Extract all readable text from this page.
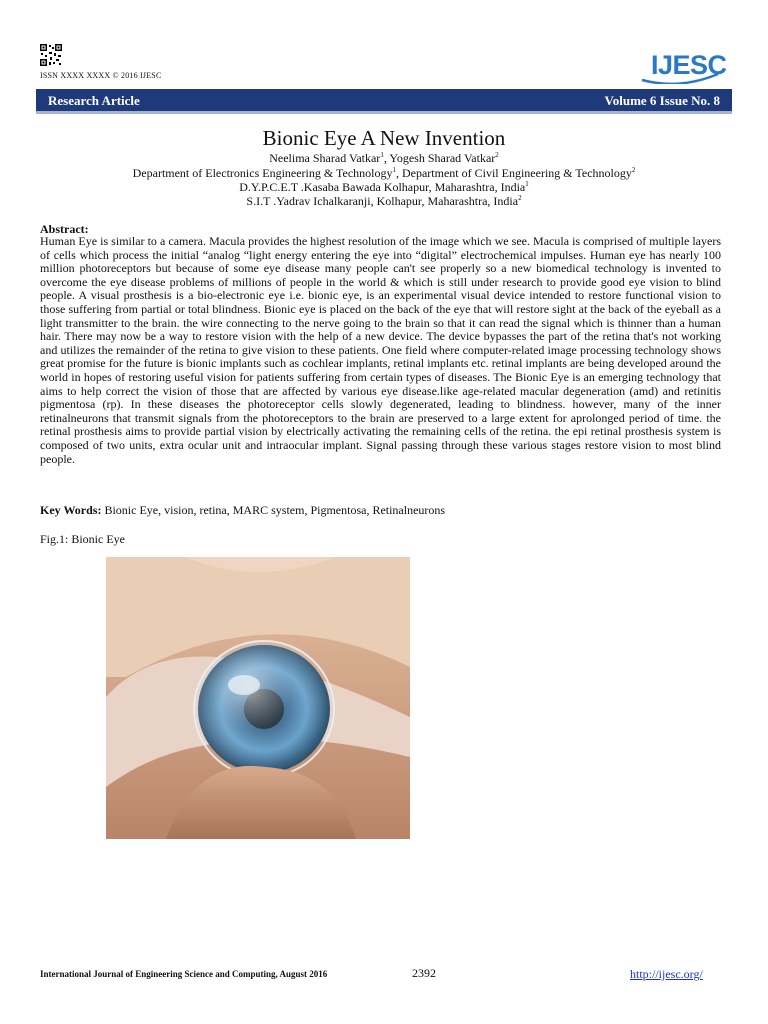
ISSN XXXX XXXX © 2016 IJESC	IJESC
Research Article	Volume 6 Issue No. 8
Bionic Eye A New Invention
Neelima Sharad Vatkar$^1$, Yogesh Sharad Vatkar$^2$
Department of Electronics Engineering & Technology$^1$, Department of Civil Engineering & Technology$^2$
D.Y.P.C.E.T .Kasaba Bawada Kolhapur, Maharashtra, India$^1$
S.I.T .Yadrav Ichalkaranji, Kolhapur, Maharashtra, India$^2$
Abstract:
Human Eye is similar to a camera. Macula provides the highest resolution of the image which we see. Macula is comprised of multiple layers of cells which process the initial “analog “light energy entering the eye into “digital” electrochemical impulses. Human eye has nearly 100 million photoreceptors but because of some eye disease many people can't see properly so a new biomedical technology is invented to overcome the eye disease problems of millions of people in the world & which is still under research to provide good eye vision to blind people. A visual prosthesis is a bio-electronic eye i.e. bionic eye, is an experimental visual device intended to restore functional vision to those suffering from partial or total blindness. Bionic eye is placed on the back of the eye that will restore sight at the back of the eyeball as a light transmitter to the brain. the wire connecting to the nerve going to the brain so that it can read the signal which is thinner than a human hair. There may now be a way to restore vision with the help of a new device. The device bypasses the part of the retina that's not working and utilizes the remainder of the retina to give vision to these patients. One field where computer-related image processing technology shows great promise for the future is bionic implants such as cochlear implants, retinal implants etc. retinal implants are being developed around the world in hopes of restoring useful vision for patients suffering from certain types of diseases. The Bionic Eye is an emerging technology that aims to help correct the vision of those that are affected by various eye disease.like age-related macular degeneration (amd) and retinitis pigmentosa (rp). In these diseases the photoreceptor cells slowly degenerated, leading to blindness. however, many of the inner retinalneurons that transmit signals from the photoreceptors to the brain are preserved to a large extent for aprolonged period of time. the retinal prosthesis aims to provide partial vision by electrically activating the remaining cells of the retina. the epi retinal prosthesis system is composed of two units, extra ocular unit and intraocular implant. Signal passing through these various stages restore vision to most blind people.
Key Words: Bionic Eye, vision, retina, MARC system, Pigmentosa, Retinalneurons
Fig.1: Bionic Eye
International Journal of Engineering Science and Computing, August 2016	2392	http://ijesc.org/
